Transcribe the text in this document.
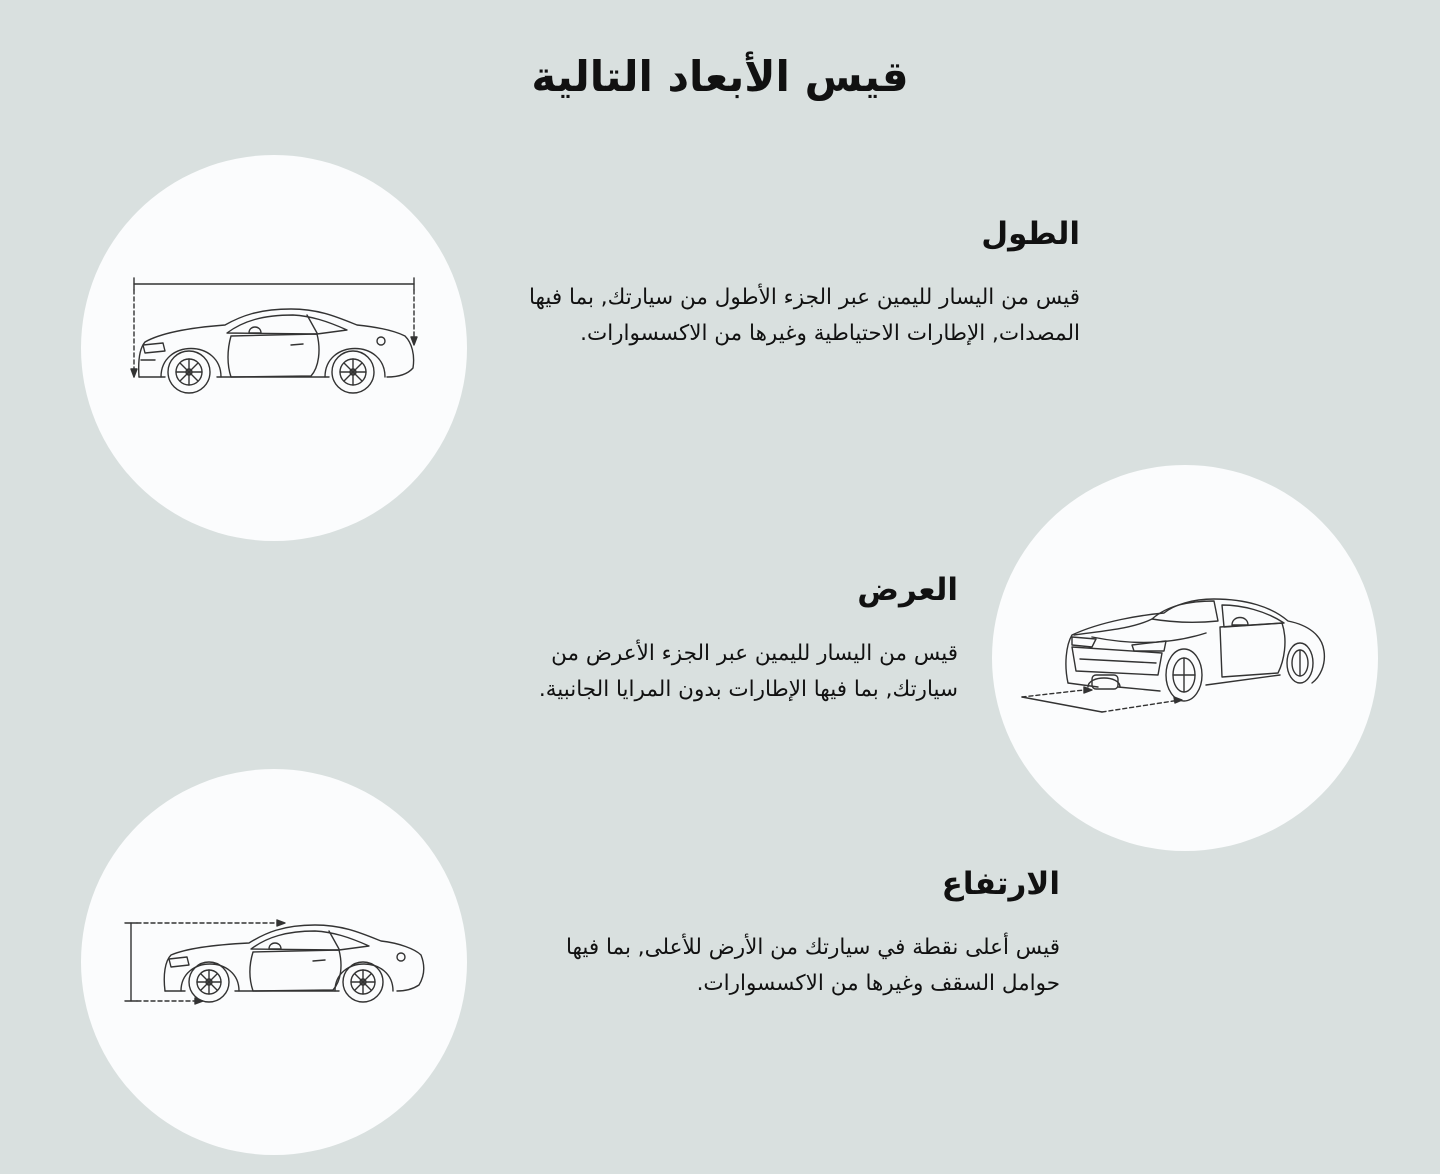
قيس الأبعاد التالية
الطول

قيس من اليسار لليمين عبر الجزء الأطول من سيارتك, بما فيها المصدات, الإطارات الاحتياطية وغيرها من الاكسسوارات.

العرض

قيس من اليسار لليمين عبر الجزء الأعرض من سيارتك, بما فيها الإطارات بدون المرايا الجانبية.

الارتفاع

قيس أعلى نقطة في سيارتك من الأرض للأعلى, بما فيها حوامل السقف وغيرها من الاكسسوارات.
